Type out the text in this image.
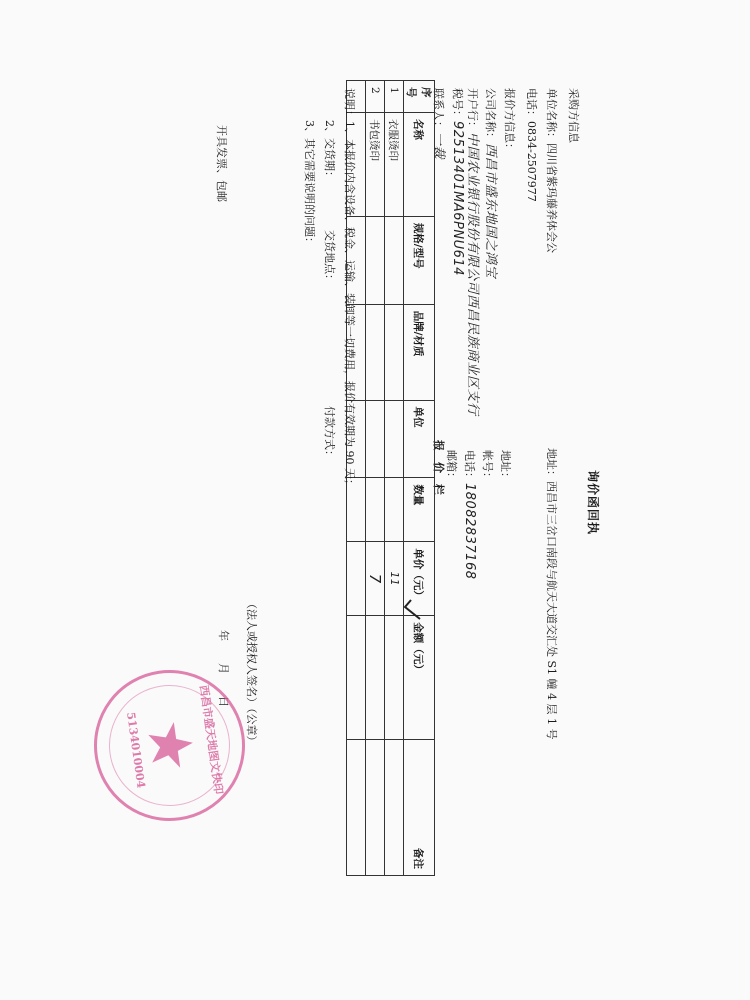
询价函回执
采购方信息
单位名称：四川省紫玛藤养体会公
电话：0834-2507977
地址：西昌市三岔口南段与航天大道交汇处 S1 幢 4 层 1 号
报价方信息：
公司名称：西昌市盛东地国之鸿宝
开户行：中国农业银行股份有限公司西昌民族商业区支行
税号：92513401MA6PNU614
联系人：一裁
地址：
帐号：
电话：18082837168
邮箱：
报　价　栏
序号	名称	规格/型号	品牌/材质	单位	数量	单价（元）	金额（元）	备注
1	衣服烫印					11		
2	书包烫印					7		

说明：1、本报价内含设备、税金、运输、装卸等一切费用，报价有效期为 90 天；
2、交货期：
交货地点：
付款方式：
3、其它需要说明的问题：
开具发票、包邮
（法人或授权人签名）（公章）
年　　月　　日
西昌市盛天地图文快印
5134010004
